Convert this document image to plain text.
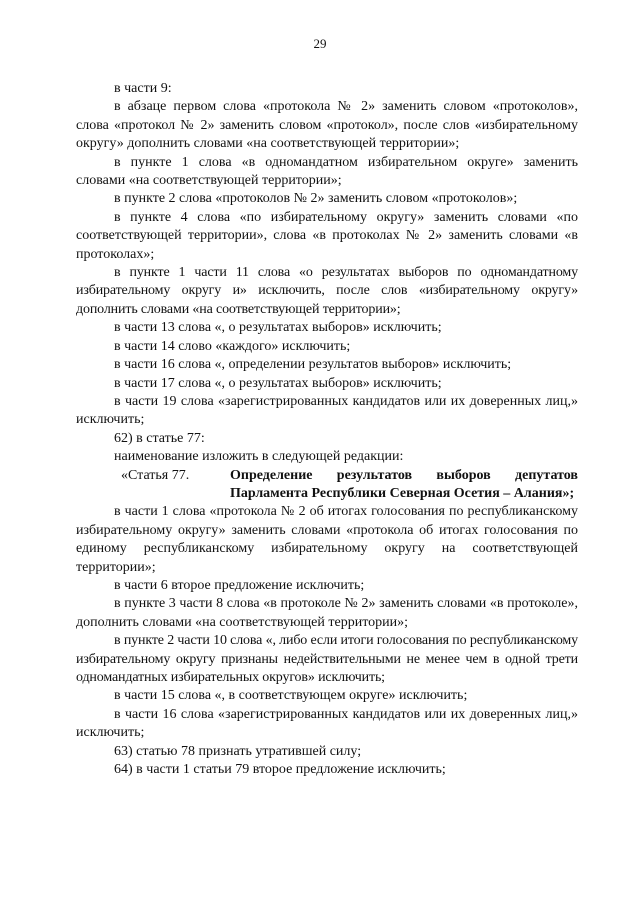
29

в части 9:

в абзаце первом слова «протокола № 2» заменить словом «протоколов», слова «протокол № 2» заменить словом «протокол», после слов «избирательному округу» дополнить словами «на соответствующей территории»;

в пункте 1 слова «в одномандатном избирательном округе» заменить словами «на соответствующей территории»;

в пункте 2 слова «протоколов № 2» заменить словом «протоколов»;

в пункте 4 слова «по избирательному округу» заменить словами «по соответствующей территории», слова «в протоколах № 2» заменить словами «в протоколах»;

в пункте 1 части 11 слова «о результатах выборов по одномандатному избирательному округу и» исключить, после слов «избирательному округу» дополнить словами «на соответствующей территории»;

в части 13 слова «, о результатах выборов» исключить;

в части 14 слово «каждого» исключить;

в части 16 слова «, определении результатов выборов» исключить;

в части 17 слова «, о результатах выборов» исключить;

в части 19 слова «зарегистрированных кандидатов или их доверенных лиц,» исключить;

62) в статье 77:

наименование изложить в следующей редакции:

«Статья 77.	Определение результатов выборов депутатов Парламента Республики Северная Осетия – Алания»;

в части 1 слова «протокола № 2 об итогах голосования по республиканскому избирательному округу» заменить словами «протокола об итогах голосования по единому республиканскому избирательному округу на соответствующей территории»;

в части 6 второе предложение исключить;

в пункте 3 части 8 слова «в протоколе № 2» заменить словами «в протоколе», дополнить словами «на соответствующей территории»;

в пункте 2 части 10 слова «, либо если итоги голосования по республиканскому избирательному округу признаны недействительными не менее чем в одной трети одномандатных избирательных округов» исключить;

в части 15 слова «, в соответствующем округе» исключить;

в части 16 слова «зарегистрированных кандидатов или их доверенных лиц,» исключить;

63) статью 78 признать утратившей силу;

64) в части 1 статьи 79 второе предложение исключить;
